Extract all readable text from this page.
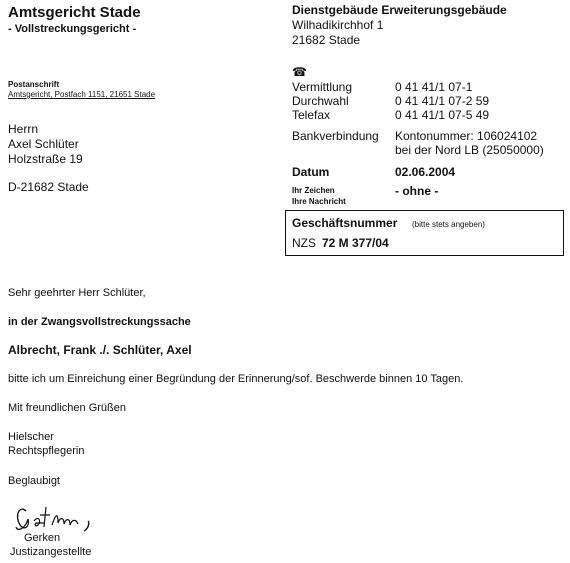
Amtsgericht Stade
- Vollstreckungsgericht -
Dienstgebäude Erweiterungsgebäude
Wilhadikirchhof 1
21682 Stade
Postanschrift
Amtsgericht, Postfach 1151, 21651 Stade
Herrn
Axel Schlüter
Holzstraße 19
D-21682 Stade
☎
Vermittlung	0 41 41/1 07-1
Durchwahl	0 41 41/1 07-2 59
Telefax	0 41 41/1 07-5 49
Bankverbindung Kontonummer: 106024102
bei der Nord LB (25050000)
Datum	02.06.2004
Ihr Zeichen
Ihre Nachricht
- ohne -
Geschäftsnummer (bitte stets angeben)
NZS 72 M 377/04
Sehr geehrter Herr Schlüter,
in der Zwangsvollstreckungssache
Albrecht, Frank ./. Schlüter, Axel
bitte ich um Einreichung einer Begründung der Erinnerung/sof. Beschwerde binnen 10 Tagen.
Mit freundlichen Grüßen
Hielscher
Rechtspflegerin
Beglaubigt
Gerken
Justizangestellte
